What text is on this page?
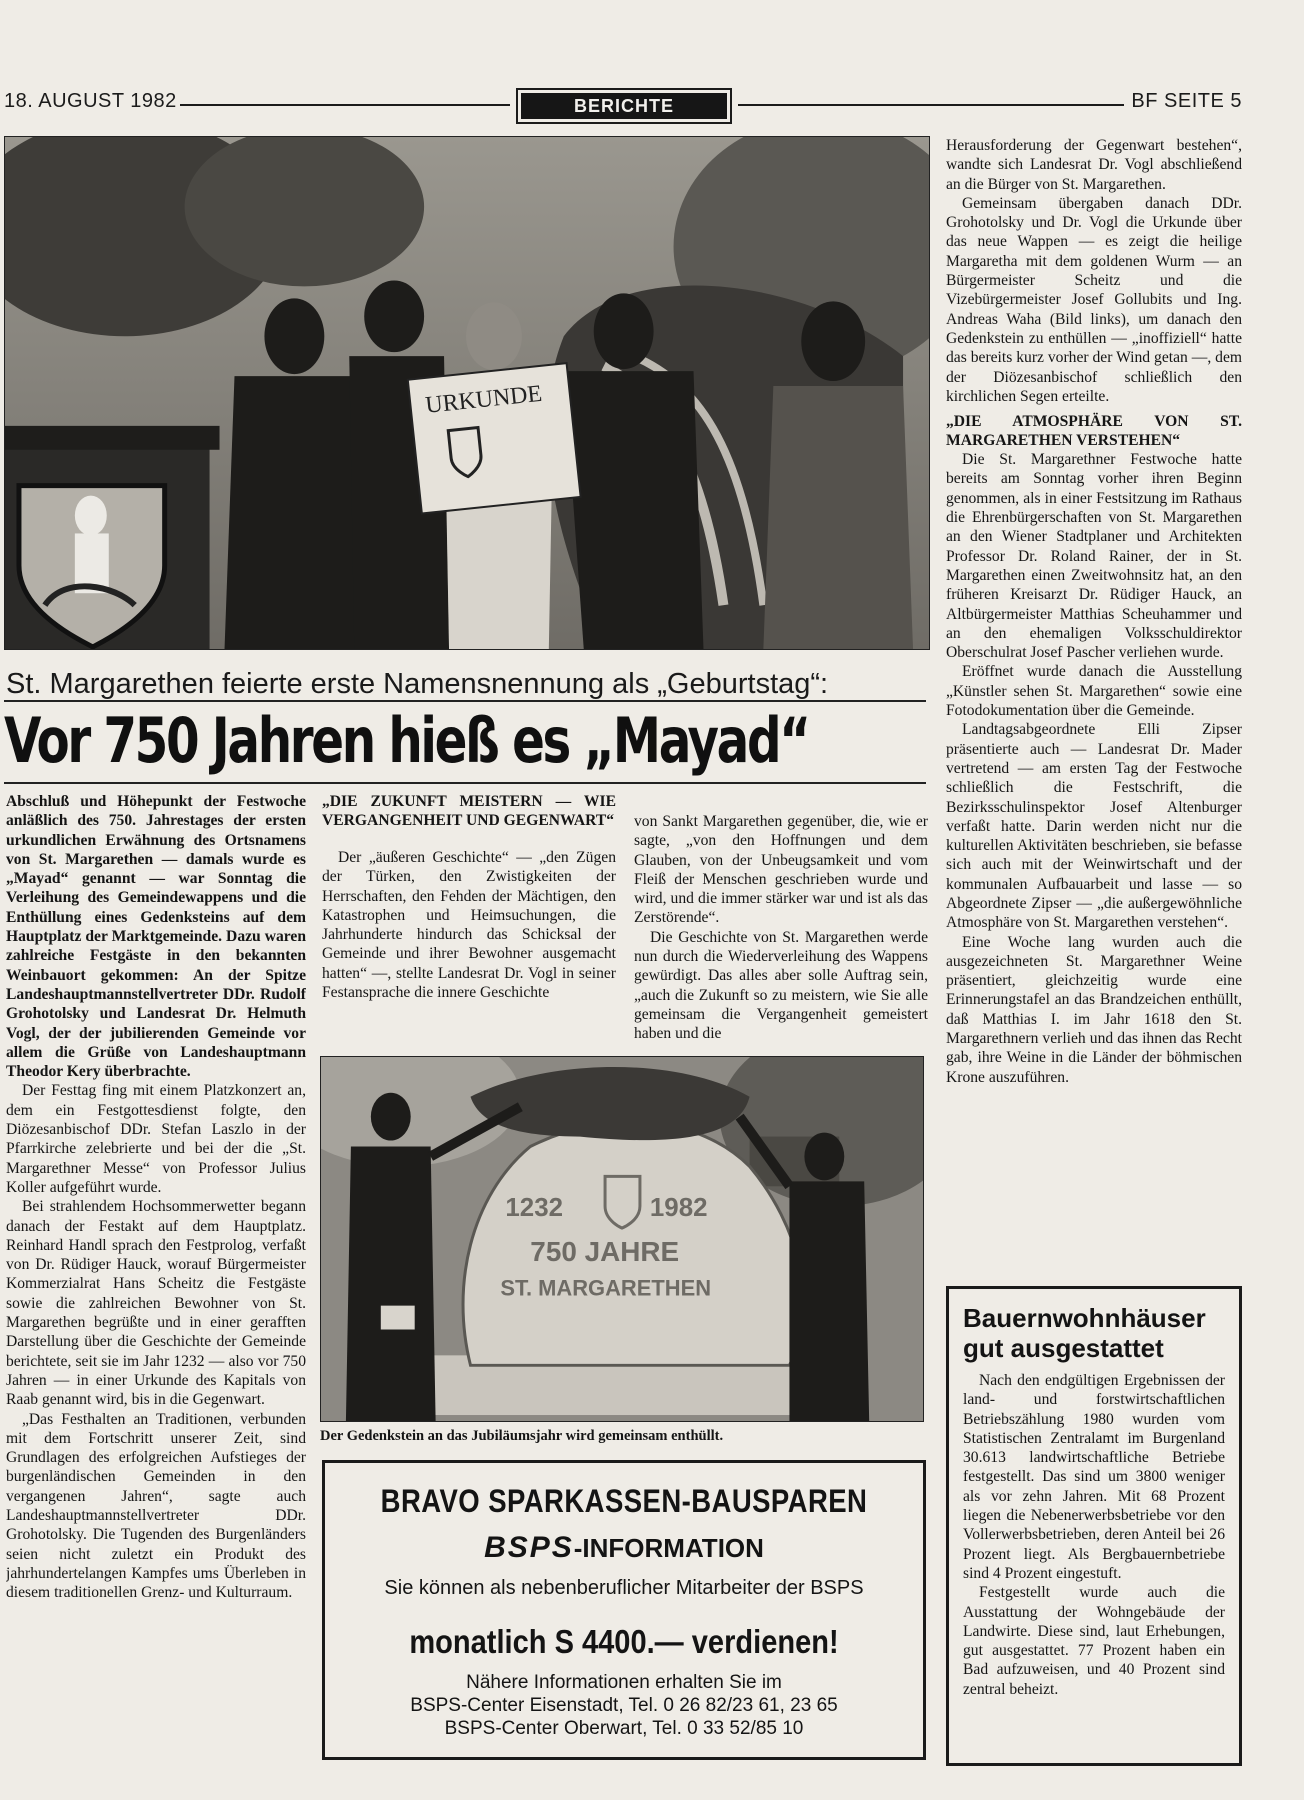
18. AUGUST 1982	BERICHTE	BF SEITE 5
URKUNDE
St. Margarethen feierte erste Namensnennung als „Geburtstag“:
Vor 750 Jahren hieß es „Mayad“

Abschluß und Höhepunkt der Festwoche anläßlich des 750. Jahrestages der ersten urkundlichen Erwähnung des Ortsnamens von St. Margarethen — damals wurde es „Mayad“ genannt — war Sonntag die Verleihung des Gemeindewappens und die Enthüllung eines Gedenksteins auf dem Hauptplatz der Marktgemeinde. Dazu waren zahlreiche Festgäste in den bekannten Weinbauort gekommen: An der Spitze Landeshauptmannstellvertreter DDr. Rudolf Grohotolsky und Landesrat Dr. Helmuth Vogl, der der jubilierenden Gemeinde vor allem die Grüße von Landeshauptmann Theodor Kery überbrachte.

Der Festtag fing mit einem Platzkonzert an, dem ein Festgottesdienst folgte, den Diözesanbischof DDr. Stefan Laszlo in der Pfarrkirche zelebrierte und bei der die „St. Margarethner Messe“ von Professor Julius Koller aufgeführt wurde.

Bei strahlendem Hochsommerwetter begann danach der Festakt auf dem Hauptplatz. Reinhard Handl sprach den Festprolog, verfaßt von Dr. Rüdiger Hauck, worauf Bürgermeister Kommerzialrat Hans Scheitz die Festgäste sowie die zahlreichen Bewohner von St. Margarethen begrüßte und in einer gerafften Darstellung über die Geschichte der Gemeinde berichtete, seit sie im Jahr 1232 — also vor 750 Jahren — in einer Urkunde des Kapitals von Raab genannt wird, bis in die Gegenwart.

„Das Festhalten an Traditionen, verbunden mit dem Fortschritt unserer Zeit, sind Grundlagen des erfolgreichen Aufstieges der burgenländischen Gemeinden in den vergangenen Jahren“, sagte auch Landeshauptmannstellvertreter DDr. Grohotolsky. Die Tugenden des Burgenländers seien nicht zuletzt ein Produkt des jahrhundertelangen Kampfes ums Überleben in diesem traditionellen Grenz- und Kulturraum.

„DIE ZUKUNFT MEISTERN — WIE VERGANGENHEIT UND GEGENWART“

Der „äußeren Geschichte“ — „den Zügen der Türken, den Zwistigkeiten der Herrschaften, den Fehden der Mächtigen, den Katastrophen und Heimsuchungen, die Jahrhunderte hindurch das Schicksal der Gemeinde und ihrer Bewohner ausgemacht hatten“ —, stellte Landesrat Dr. Vogl in seiner Festansprache die innere Geschichte

von Sankt Margarethen gegenüber, die, wie er sagte, „von den Hoffnungen und dem Glauben, von der Unbeugsamkeit und vom Fleiß der Menschen geschrieben wurde und wird, und die immer stärker war und ist als das Zerstörende“.

Die Geschichte von St. Margarethen werde nun durch die Wiederverleihung des Wappens gewürdigt. Das alles aber solle Auftrag sein, „auch die Zukunft so zu meistern, wie Sie alle gemeinsam die Vergangenheit gemeistert haben und die

1232	1982
750 JAHRE
ST. MARGARETHEN
Der Gedenkstein an das Jubiläumsjahr wird gemeinsam enthüllt.
BRAVO SPARKASSEN-BAUSPAREN
BSPS-INFORMATION
Sie können als nebenberuflicher Mitarbeiter der BSPS
monatlich S 4400.— verdienen!
Nähere Informationen erhalten Sie im
BSPS-Center Eisenstadt, Tel. 0 26 82/23 61, 23 65
BSPS-Center Oberwart, Tel. 0 33 52/85 10

Herausforderung der Gegenwart bestehen“, wandte sich Landesrat Dr. Vogl abschließend an die Bürger von St. Margarethen.

Gemeinsam übergaben danach DDr. Grohotolsky und Dr. Vogl die Urkunde über das neue Wappen — es zeigt die heilige Margaretha mit dem goldenen Wurm — an Bürgermeister Scheitz und die Vizebürgermeister Josef Gollubits und Ing. Andreas Waha (Bild links), um danach den Gedenkstein zu enthüllen — „inoffiziell“ hatte das bereits kurz vorher der Wind getan —, dem der Diözesanbischof schließlich den kirchlichen Segen erteilte.

„DIE ATMOSPHÄRE VON ST. MARGARETHEN VERSTEHEN“

Die St. Margarethner Festwoche hatte bereits am Sonntag vorher ihren Beginn genommen, als in einer Festsitzung im Rathaus die Ehrenbürgerschaften von St. Margarethen an den Wiener Stadtplaner und Architekten Professor Dr. Roland Rainer, der in St. Margarethen einen Zweitwohnsitz hat, an den früheren Kreisarzt Dr. Rüdiger Hauck, an Altbürgermeister Matthias Scheuhammer und an den ehemaligen Volksschuldirektor Oberschulrat Josef Pascher verliehen wurde.

Eröffnet wurde danach die Ausstellung „Künstler sehen St. Margarethen“ sowie eine Fotodokumentation über die Gemeinde.

Landtagsabgeordnete Elli Zipser präsentierte auch — Landesrat Dr. Mader vertretend — am ersten Tag der Festwoche schließlich die Festschrift, die Bezirksschulinspektor Josef Altenburger verfaßt hatte. Darin werden nicht nur die kulturellen Aktivitäten beschrieben, sie befasse sich auch mit der Weinwirtschaft und der kommunalen Aufbauarbeit und lasse — so Abgeordnete Zipser — „die außergewöhnliche Atmosphäre von St. Margarethen verstehen“.

Eine Woche lang wurden auch die ausgezeichneten St. Margarethner Weine präsentiert, gleichzeitig wurde eine Erinnerungstafel an das Brandzeichen enthüllt, daß Matthias I. im Jahr 1618 den St. Margarethnern verlieh und das ihnen das Recht gab, ihre Weine in die Länder der böhmischen Krone auszuführen.

Bauernwohnhäuser gut ausgestattet

Nach den endgültigen Ergebnissen der land- und forstwirtschaftlichen Betriebszählung 1980 wurden vom Statistischen Zentralamt im Burgenland 30.613 landwirtschaftliche Betriebe festgestellt. Das sind um 3800 weniger als vor zehn Jahren. Mit 68 Prozent liegen die Nebenerwerbsbetriebe vor den Vollerwerbsbetrieben, deren Anteil bei 26 Prozent liegt. Als Bergbauernbetriebe sind 4 Prozent eingestuft.

Festgestellt wurde auch die Ausstattung der Wohngebäude der Landwirte. Diese sind, laut Erhebungen, gut ausgestattet. 77 Prozent haben ein Bad aufzuweisen, und 40 Prozent sind zentral beheizt.
